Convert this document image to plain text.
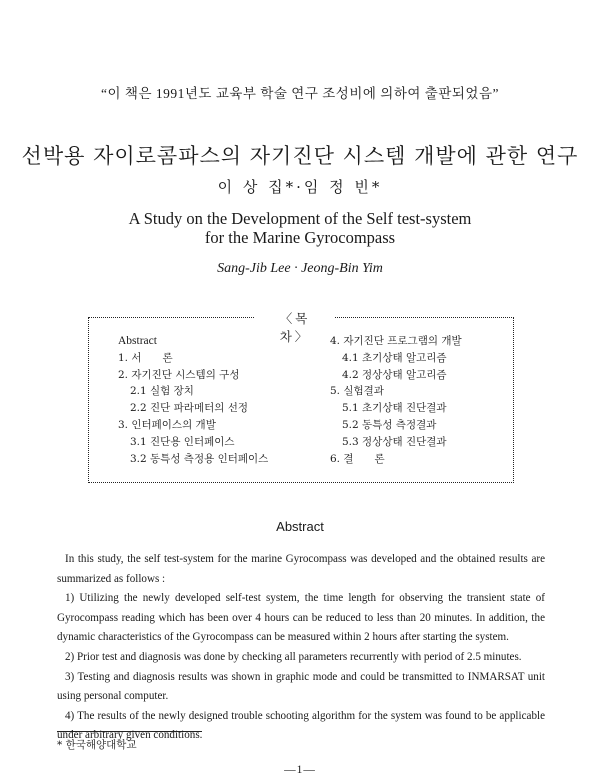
“이 책은 1991년도 교육부 학술 연구 조성비에 의하여 출판되었음”
선박용 자이로콤파스의 자기진단 시스템 개발에 관한 연구
이 상 집*·임 정 빈*
A Study on the Development of the Self test-system
for the Marine Gyrocompass
Sang-Jib Lee · Jeong-Bin Yim
〈목　　차〉
Abstract
1. 서　　론
2. 자기진단 시스템의 구성
2.1 실험 장치
2.2 진단 파라메터의 선정
3. 인터페이스의 개발
3.1 진단용 인터페이스
3.2 동특성 측정용 인터페이스
4. 자기진단 프로그램의 개발
4.1 초기상태 알고리즘
4.2 정상상태 알고리즘
5. 실험결과
5.1 초기상태 진단결과
5.2 동특성 측정결과
5.3 정상상태 진단결과
6. 결　　론
Abstract

In this study, the self test-system for the marine Gyrocompass was developed and the obtained results are summarized as follows :

1) Utilizing the newly developed self-test system, the time length for observing the transient state of Gyrocompass reading which has been over 4 hours can be reduced to less than 20 minutes. In addition, the dynamic characteristics of the Gyrocompass can be measured within 2 hours after starting the system.

2) Prior test and diagnosis was done by checking all parameters recurrently with period of 2.5 minutes.

3) Testing and diagnosis results was shown in graphic mode and could be transmitted to INMARSAT unit using personal computer.

4) The results of the newly designed trouble schooting algorithm for the system was found to be applicable under arbitrary given conditions.

* 한국해양대학교
—1—
